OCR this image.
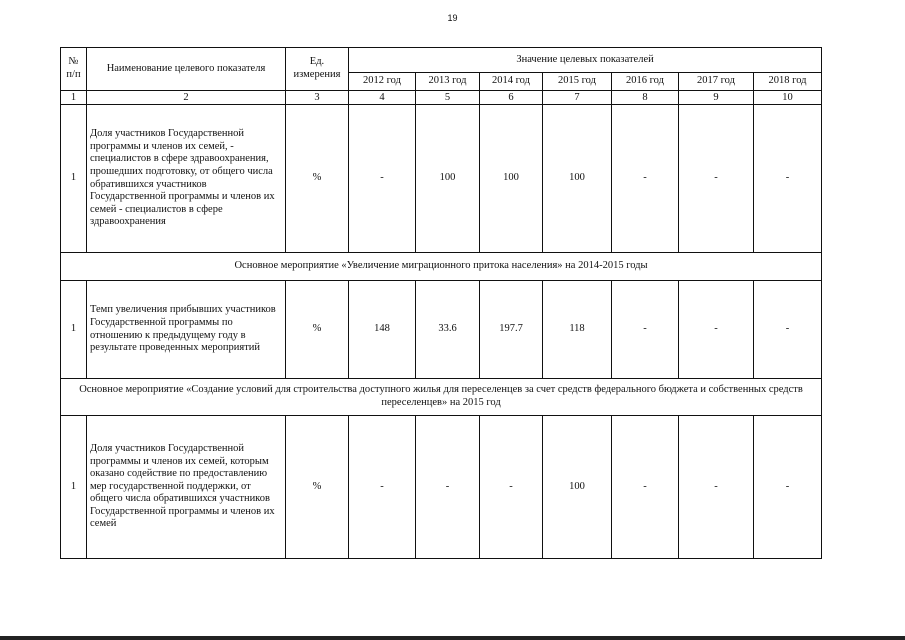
19
№
п/п	Наименование целевого показателя	Ед. измерения	Значение целевых показателей						
			2012 год	2013 год	2014 год	2015 год	2016 год	2017 год	2018 год
1	2	3	4	5	6	7	8	9	10
1	Доля участников Государственной программы и членов их семей, - специалистов в сфере здравоохранения, прошедших подготовку, от общего числа обратившихся участников Государственной программы и членов их семей - специалистов в сфере здравоохранения	%	-	100	100	100	-	-	-
Основное мероприятие «Увеличение миграционного притока населения» на 2014-2015 годы									
1	Темп увеличения прибывших участников Государственной программы по отношению к предыдущему году в результате проведенных мероприятий	%	148	33.6	197.7	118	-	-	-
Основное мероприятие «Создание условий для строительства доступного жилья для переселенцев за счет средств федерального бюджета и собственных средств переселенцев» на 2015 год									
1	Доля участников Государственной программы и членов их семей, которым оказано содействие по предоставлению мер государственной поддержки, от общего числа обратившихся участников Государственной программы и членов их семей	%	-	-	-	100	-	-	-
